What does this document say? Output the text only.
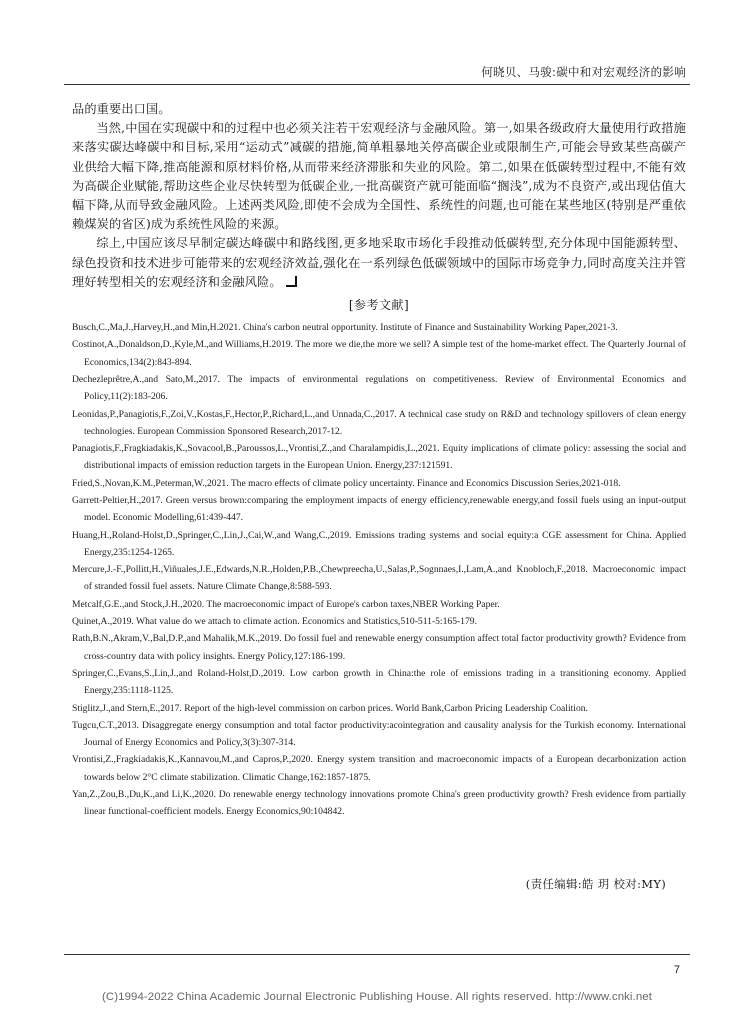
何晓贝、马骏:碳中和对宏观经济的影响

品的重要出口国。

当然,中国在实现碳中和的过程中也必须关注若干宏观经济与金融风险。第一,如果各级政府大量使用行政措施来落实碳达峰碳中和目标,采用“运动式”减碳的措施,简单粗暴地关停高碳企业或限制生产,可能会导致某些高碳产业供给大幅下降,推高能源和原材料价格,从而带来经济滞胀和失业的风险。第二,如果在低碳转型过程中,不能有效为高碳企业赋能,帮助这些企业尽快转型为低碳企业,一批高碳资产就可能面临“搁浅”,成为不良资产,或出现估值大幅下降,从而导致金融风险。上述两类风险,即使不会成为全国性、系统性的问题,也可能在某些地区(特别是严重依赖煤炭的省区)成为系统性风险的来源。

综上,中国应该尽早制定碳达峰碳中和路线图,更多地采取市场化手段推动低碳转型,充分体现中国能源转型、绿色投资和技术进步可能带来的宏观经济效益,强化在一系列绿色低碳领域中的国际市场竞争力,同时高度关注并管理好转型相关的宏观经济和金融风险。

[参考文献]
Busch,C.,Ma,J.,Harvey,H.,and Min,H.2021. China's carbon neutral opportunity. Institute of Finance and Sustainability Working Paper,2021-3.
Costinot,A.,Donaldson,D.,Kyle,M.,and Williams,H.2019. The more we die,the more we sell? A simple test of the home-market effect. The Quarterly Journal of Economics,134(2):843-894.
Dechezleprêtre,A.,and Sato,M.,2017. The impacts of environmental regulations on competitiveness. Review of Environmental Economics and Policy,11(2):183-206.
Leonidas,P.,Panagiotis,F.,Zoi,V.,Kostas,F.,Hector,P.,Richard,L.,and Unnada,C.,2017. A technical case study on R&D and technology spillovers of clean energy technologies. European Commission Sponsored Research,2017-12.
Panagiotis,F.,Fragkiadakis,K.,Sovacool,B.,Paroussos,L.,Vrontisi,Z.,and Charalampidis,L.,2021. Equity implications of climate policy: assessing the social and distributional impacts of emission reduction targets in the European Union. Energy,237:121591.
Fried,S.,Novan,K.M.,Peterman,W.,2021. The macro effects of climate policy uncertainty. Finance and Economics Discussion Series,2021-018.
Garrett-Peltier,H.,2017. Green versus brown:comparing the employment impacts of energy efficiency,renewable energy,and fossil fuels using an input-output model. Economic Modelling,61:439-447.
Huang,H.,Roland-Holst,D.,Springer,C.,Lin,J.,Cai,W.,and Wang,C.,2019. Emissions trading systems and social equity:a CGE assessment for China. Applied Energy,235:1254-1265.
Mercure,J.-F.,Pollitt,H.,Viñuales,J.E.,Edwards,N.R.,Holden,P.B.,Chewpreecha,U.,Salas,P.,Sognnaes,I.,Lam,A.,and Knobloch,F.,2018. Macroeconomic impact of stranded fossil fuel assets. Nature Climate Change,8:588-593.
Metcalf,G.E.,and Stock,J.H.,2020. The macroeconomic impact of Europe's carbon taxes,NBER Working Paper.
Quinet,A.,2019. What value do we attach to climate action. Economics and Statistics,510-511-5:165-179.
Rath,B.N.,Akram,V.,Bal,D.P.,and Mahalik,M.K.,2019. Do fossil fuel and renewable energy consumption affect total factor productivity growth? Evidence from cross-country data with policy insights. Energy Policy,127:186-199.
Springer,C.,Evans,S.,Lin,J.,and Roland-Holst,D.,2019. Low carbon growth in China:the role of emissions trading in a transitioning economy. Applied Energy,235:1118-1125.
Stiglitz,J.,and Stern,E.,2017. Report of the high-level commission on carbon prices. World Bank,Carbon Pricing Leadership Coalition.
Tugcu,C.T.,2013. Disaggregate energy consumption and total factor productivity:acointegration and causality analysis for the Turkish economy. International Journal of Energy Economics and Policy,3(3):307-314.
Vrontisi,Z.,Fragkiadakis,K.,Kannavou,M.,and Capros,P.,2020. Energy system transition and macroeconomic impacts of a European decarbonization action towards below 2°C climate stabilization. Climatic Change,162:1857-1875.
Yan,Z.,Zou,B.,Du,K.,and Li,K.,2020. Do renewable energy technology innovations promote China's green productivity growth? Fresh evidence from partially linear functional-coefficient models. Energy Economics,90:104842.
(责任编辑:皓 玥 校对:MY)
7
(C)1994-2022 China Academic Journal Electronic Publishing House. All rights reserved. http://www.cnki.net
